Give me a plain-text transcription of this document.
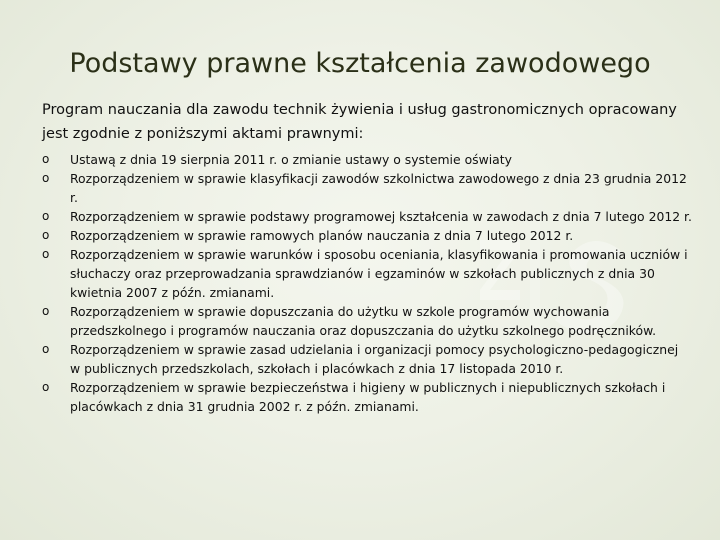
Podstawy prawne kształcenia zawodowego
Program nauczania dla zawodu technik żywienia i usług gastronomicznych opracowany jest zgodnie z poniższymi aktami prawnymi:
o Ustawą z dnia 19 sierpnia 2011 r. o zmianie ustawy o systemie oświaty
o Rozporządzeniem w sprawie klasyfikacji zawodów szkolnictwa zawodowego z dnia 23 grudnia 2012 r.
o Rozporządzeniem w sprawie podstawy programowej kształcenia w zawodach z dnia 7 lutego 2012 r.
o Rozporządzeniem w sprawie ramowych planów nauczania z dnia 7 lutego 2012 r.
o Rozporządzeniem w sprawie warunków i sposobu oceniania, klasyfikowania i promowania uczniów i słuchaczy oraz przeprowadzania sprawdzianów i egzaminów w szkołach publicznych z dnia 30 kwietnia 2007 z późn. zmianami.
o Rozporządzeniem w sprawie dopuszczania do użytku w szkole programów wychowania przedszkolnego i programów nauczania oraz dopuszczania do użytku szkolnego podręczników.
o Rozporządzeniem w sprawie zasad udzielania i organizacji pomocy psychologiczno-pedagogicznej w publicznych przedszkolach, szkołach i placówkach z dnia 17 listopada 2010 r.
o Rozporządzeniem w sprawie bezpieczeństwa i higieny w publicznych i niepublicznych szkołach i placówkach z dnia 31 grudnia 2002 r. z późn. zmianami.
